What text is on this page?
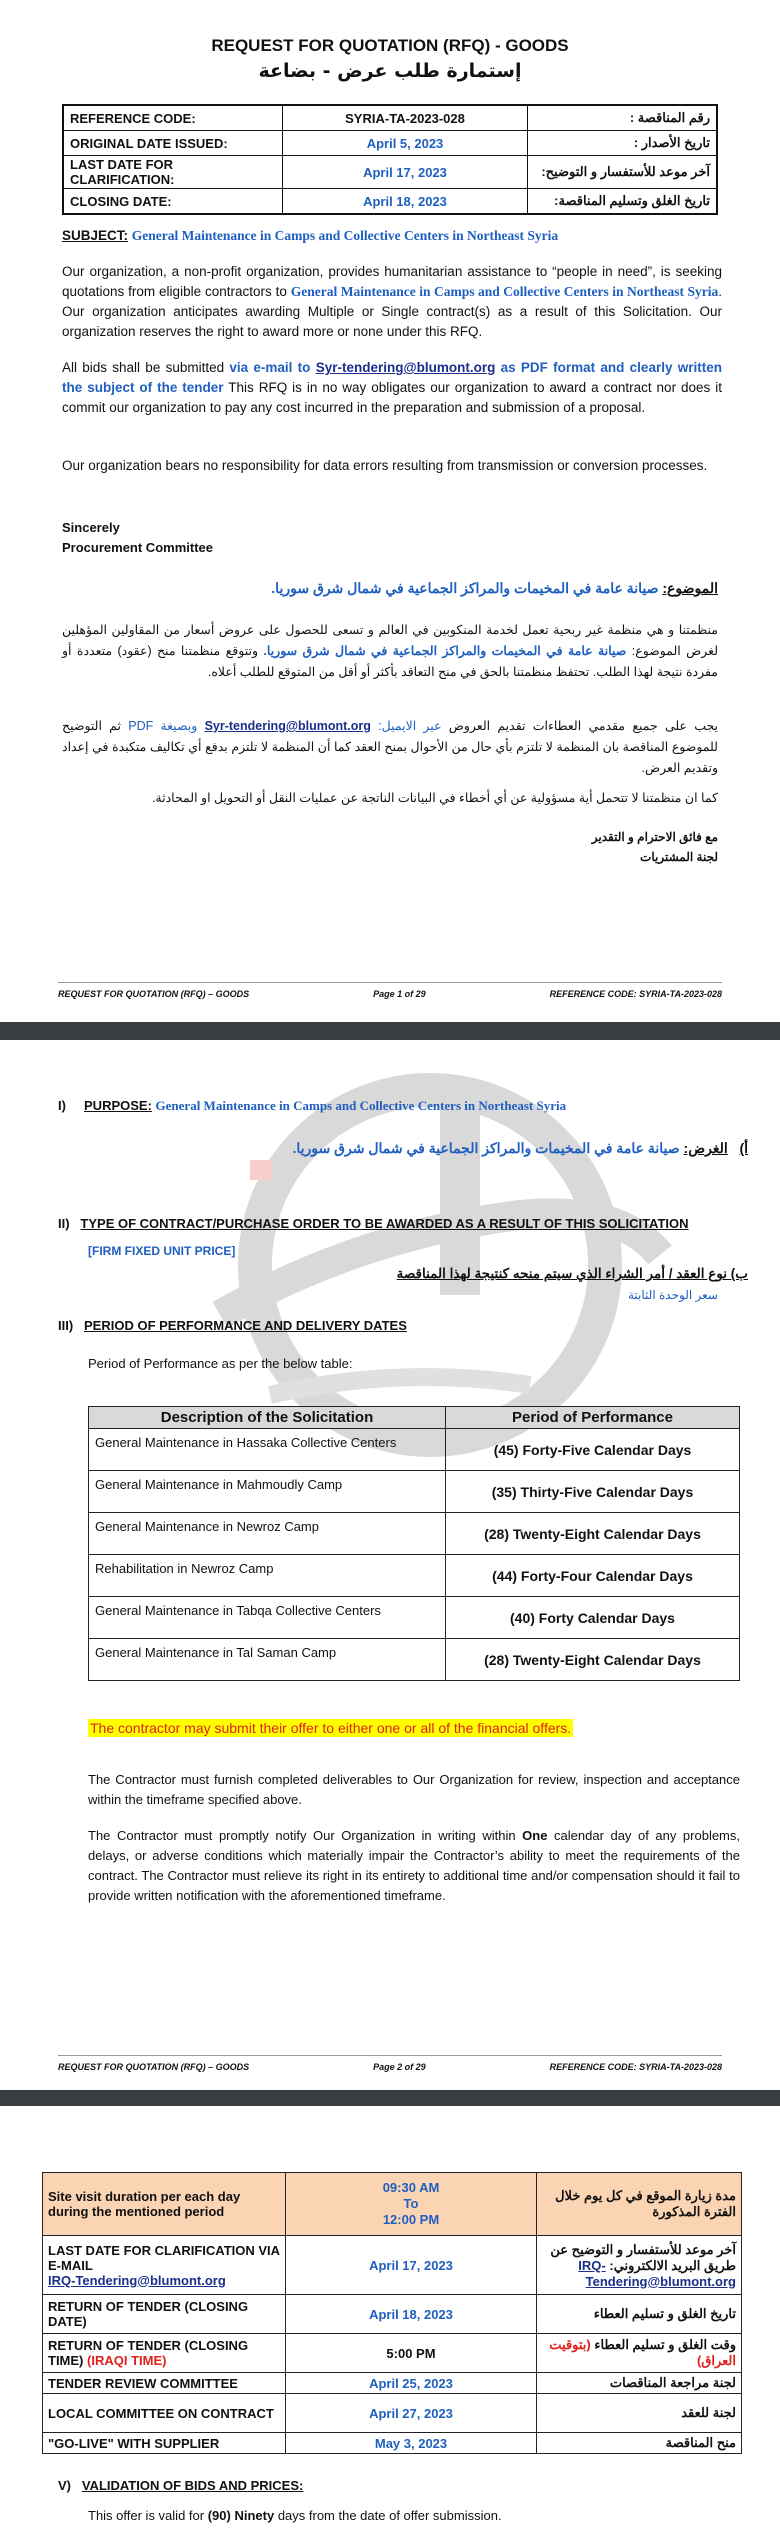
REQUEST FOR QUOTATION (RFQ) - GOODS
إستمارة طلب عرض - بضاعة
REFERENCE CODE:	SYRIA-TA-2023-028	رقم المناقصة :
ORIGINAL DATE ISSUED:	April 5, 2023	تاريخ الأصدار :
LAST DATE FOR CLARIFICATION:	April 17, 2023	آخر موعد للأستفسار و التوضيح:
CLOSING DATE:	April 18, 2023	تاريخ الغلق وتسليم المناقصة:
SUBJECT: General Maintenance in Camps and Collective Centers in Northeast Syria

Our organization, a non-profit organization, provides humanitarian assistance to “people in need”, is seeking quotations from eligible contractors to General Maintenance in Camps and Collective Centers in Northeast Syria. Our organization anticipates awarding Multiple or Single contract(s) as a result of this Solicitation. Our organization reserves the right to award more or none under this RFQ.

All bids shall be submitted via e-mail to Syr-tendering@blumont.org as PDF format and clearly written the subject of the tender This RFQ is in no way obligates our organization to award a contract nor does it commit our organization to pay any cost incurred in the preparation and submission of a proposal.

Our organization bears no responsibility for data errors resulting from transmission or conversion processes.

Sincerely
Procurement Committee
الموضوع: صيانة عامة في المخيمات والمراكز الجماعية في شمال شرق سوريا.

منظمتنا و هي منظمة غير ربحية تعمل لخدمة المنكوبين في العالم و تسعى للحصول على عروض أسعار من المقاولين المؤهلين لغرض الموضوع: صيانة عامة في المخيمات والمراكز الجماعية في شمال شرق سوريا. وتتوقع منظمتنا منح (عقود) متعددة أو مفردة نتيجة لهذا الطلب. تحتفظ منظمتنا بالحق في منح التعاقد بأكثر أو أقل من المتوقع للطلب أعلاه.

يجب على جميع مقدمي العطاءات تقديم العروض عبر الايميل: Syr-tendering@blumont.org وبصيغة PDF ثم التوضيح للموضوع المناقصة بان المنظمة لا تلتزم بأي حال من الأحوال بمنح العقد كما أن المنظمة لا تلتزم بدفع أي تكاليف متكبدة في إعداد وتقديم العرض.

كما ان منظمتنا لا تتحمل أية مسؤولية عن أي أخطاء في البيانات الناتجة عن عمليات النقل أو التحويل او المحادثة.

مع فائق الاحترام و التقدير
لجنة المشتريات
REQUEST FOR QUOTATION (RFQ) – GOODS	Page 1 of 29	REFERENCE CODE: SYRIA-TA-2023-028
I) PURPOSE: General Maintenance in Camps and Collective Centers in Northeast Syria
أ)   الغرض: صيانة عامة في المخيمات والمراكز الجماعية في شمال شرق سوريا.
II) TYPE OF CONTRACT/PURCHASE ORDER TO BE AWARDED AS A RESULT OF THIS SOLICITATION
[FIRM FIXED UNIT PRICE]
ب) نوع العقد / أمر الشراء الذي سيتم منحه كنتيجة لهذا المناقصة
سعر الوحدة الثابتة
III) PERIOD OF PERFORMANCE AND DELIVERY DATES
Period of Performance as per the below table:
Description of the Solicitation	Period of Performance
General Maintenance in Hassaka Collective Centers	(45) Forty-Five Calendar Days
General Maintenance in Mahmoudly Camp	(35) Thirty-Five Calendar Days
General Maintenance in Newroz Camp	(28) Twenty-Eight Calendar Days
Rehabilitation in Newroz Camp	(44) Forty-Four Calendar Days
General Maintenance in Tabqa Collective Centers	(40) Forty Calendar Days
General Maintenance in Tal Saman Camp	(28) Twenty-Eight Calendar Days
The contractor may submit their offer to either one or all of the financial offers.

The Contractor must furnish completed deliverables to Our Organization for review, inspection and acceptance within the timeframe specified above.

The Contractor must promptly notify Our Organization in writing within One calendar day of any problems, delays, or adverse conditions which materially impair the Contractor’s ability to meet the requirements of the contract. The Contractor must relieve its right in its entirety to additional time and/or compensation should it fail to provide written notification with the aforementioned timeframe.

REQUEST FOR QUOTATION (RFQ) – GOODS	Page 2 of 29	REFERENCE CODE: SYRIA-TA-2023-028
Site visit duration per each day during the mentioned period	09:30 AM
To
12:00 PM	مدة زيارة الموقع في كل يوم خلال الفترة المذكورة

LAST DATE FOR CLARIFICATION VIA E-MAIL
IRQ-Tendering@blumont.org	April 17, 2023	آخر موعد للأستفسار و التوضيح عن طريق البريد الالكتروني: IRQ-Tendering@blumont.org
RETURN OF TENDER (CLOSING DATE)	April 18, 2023	تاريخ الغلق و تسليم العطاء
RETURN OF TENDER (CLOSING TIME) (IRAQI TIME)	5:00 PM	وقت الغلق و تسليم العطاء (بتوقيت العراق)
TENDER REVIEW COMMITTEE	April 25, 2023	لجنة مراجعة المناقصات
LOCAL COMMITTEE ON CONTRACT	April 27, 2023	لجنة للعقد
"GO-LIVE" WITH SUPPLIER	May 3, 2023	منح المناقصة
V) VALIDATION OF BIDS AND PRICES:
This offer is valid for (90) Ninety days from the date of offer submission.
